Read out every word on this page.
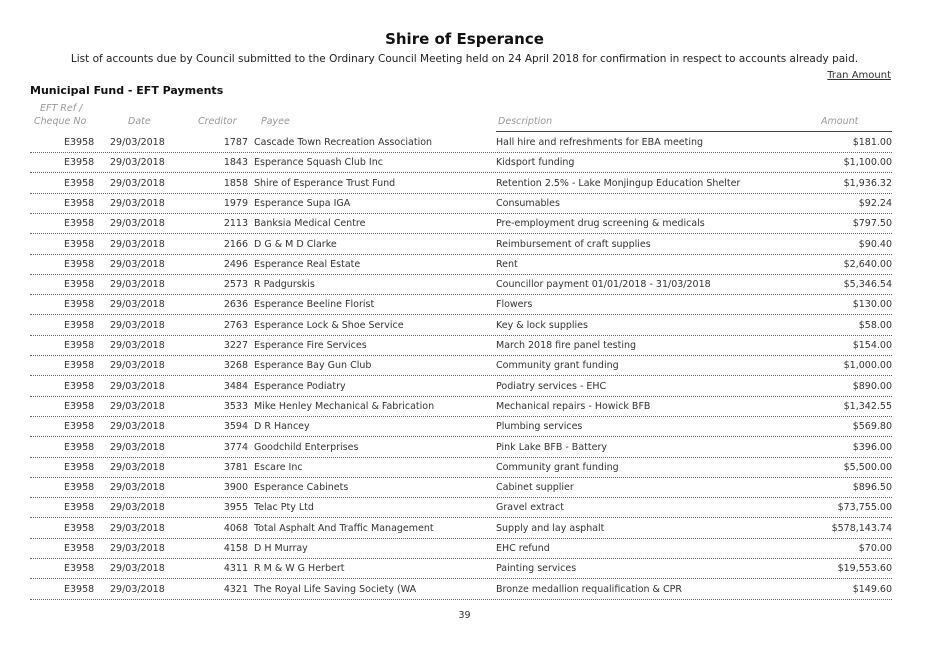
Shire of Esperance
List of accounts due by Council submitted to the Ordinary Council Meeting held on 24 April 2018 for confirmation in respect to accounts already paid.
Tran Amount
Municipal Fund - EFT Payments
EFT Ref /
Cheque No	Date	Creditor	Payee	Description	Amount
E3958 29/03/2018	1787 Cascade Town Recreation Association	Hall hire and refreshments for EBA meeting	$181.00
E3958 29/03/2018	1843 Esperance Squash Club Inc	Kidsport funding	$1,100.00
E3958 29/03/2018	1858 Shire of Esperance Trust Fund	Retention 2.5% - Lake Monjingup Education Shelter	$1,936.32
E3958 29/03/2018	1979 Esperance Supa IGA	Consumables	$92.24
E3958 29/03/2018	2113 Banksia Medical Centre	Pre-employment drug screening & medicals	$797.50
E3958 29/03/2018	2166 D G & M D Clarke	Reimbursement of craft supplies	$90.40
E3958 29/03/2018	2496 Esperance Real Estate	Rent	$2,640.00
E3958 29/03/2018	2573 R Padgurskis	Councillor payment 01/01/2018 - 31/03/2018	$5,346.54
E3958 29/03/2018	2636 Esperance Beeline Florist	Flowers	$130.00
E3958 29/03/2018	2763 Esperance Lock & Shoe Service	Key & lock supplies	$58.00
E3958 29/03/2018	3227 Esperance Fire Services	March 2018 fire panel testing	$154.00
E3958 29/03/2018	3268 Esperance Bay Gun Club	Community grant funding	$1,000.00
E3958 29/03/2018	3484 Esperance Podiatry	Podiatry services - EHC	$890.00
E3958 29/03/2018	3533 Mike Henley Mechanical & Fabrication	Mechanical repairs - Howick BFB	$1,342.55
E3958 29/03/2018	3594 D R Hancey	Plumbing services	$569.80
E3958 29/03/2018	3774 Goodchild Enterprises	Pink Lake BFB - Battery	$396.00
E3958 29/03/2018	3781 Escare Inc	Community grant funding	$5,500.00
E3958 29/03/2018	3900 Esperance Cabinets	Cabinet supplier	$896.50
E3958 29/03/2018	3955 Telac Pty Ltd	Gravel extract	$73,755.00
E3958 29/03/2018	4068 Total Asphalt And Traffic Management	Supply and lay asphalt	$578,143.74
E3958 29/03/2018	4158 D H Murray	EHC refund	$70.00
E3958 29/03/2018	4311 R M & W G Herbert	Painting services	$19,553.60
E3958 29/03/2018	4321 The Royal Life Saving Society (WA	Bronze medallion requalification & CPR	$149.60
39
